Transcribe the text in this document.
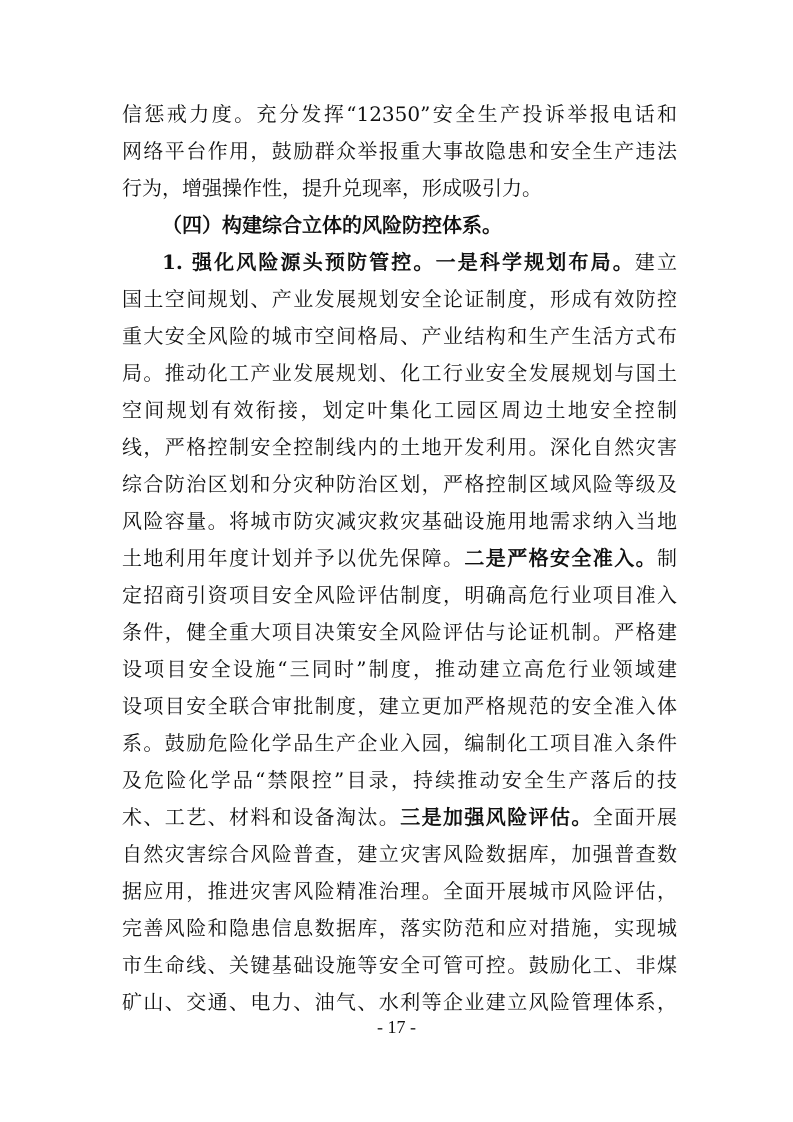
信惩戒力度。充分发挥“12350”安全生产投诉举报电话和
网络平台作用，鼓励群众举报重大事故隐患和安全生产违法
行为，增强操作性，提升兑现率，形成吸引力。
（四）构建综合立体的风险防控体系。
1. 强化风险源头预防管控。一是科学规划布局。建立
国土空间规划、产业发展规划安全论证制度，形成有效防控
重大安全风险的城市空间格局、产业结构和生产生活方式布
局。推动化工产业发展规划、化工行业安全发展规划与国土
空间规划有效衔接，划定叶集化工园区周边土地安全控制
线，严格控制安全控制线内的土地开发利用。深化自然灾害
综合防治区划和分灾种防治区划，严格控制区域风险等级及
风险容量。将城市防灾减灾救灾基础设施用地需求纳入当地
土地利用年度计划并予以优先保障。二是严格安全准入。制
定招商引资项目安全风险评估制度，明确高危行业项目准入
条件，健全重大项目决策安全风险评估与论证机制。严格建
设项目安全设施“三同时”制度，推动建立高危行业领域建
设项目安全联合审批制度，建立更加严格规范的安全准入体
系。鼓励危险化学品生产企业入园，编制化工项目准入条件
及危险化学品“禁限控”目录，持续推动安全生产落后的技
术、工艺、材料和设备淘汰。三是加强风险评估。全面开展
自然灾害综合风险普查，建立灾害风险数据库，加强普查数
据应用，推进灾害风险精准治理。全面开展城市风险评估，
完善风险和隐患信息数据库，落实防范和应对措施，实现城
市生命线、关键基础设施等安全可管可控。鼓励化工、非煤
矿山、交通、电力、油气、水利等企业建立风险管理体系，
- 17 -
